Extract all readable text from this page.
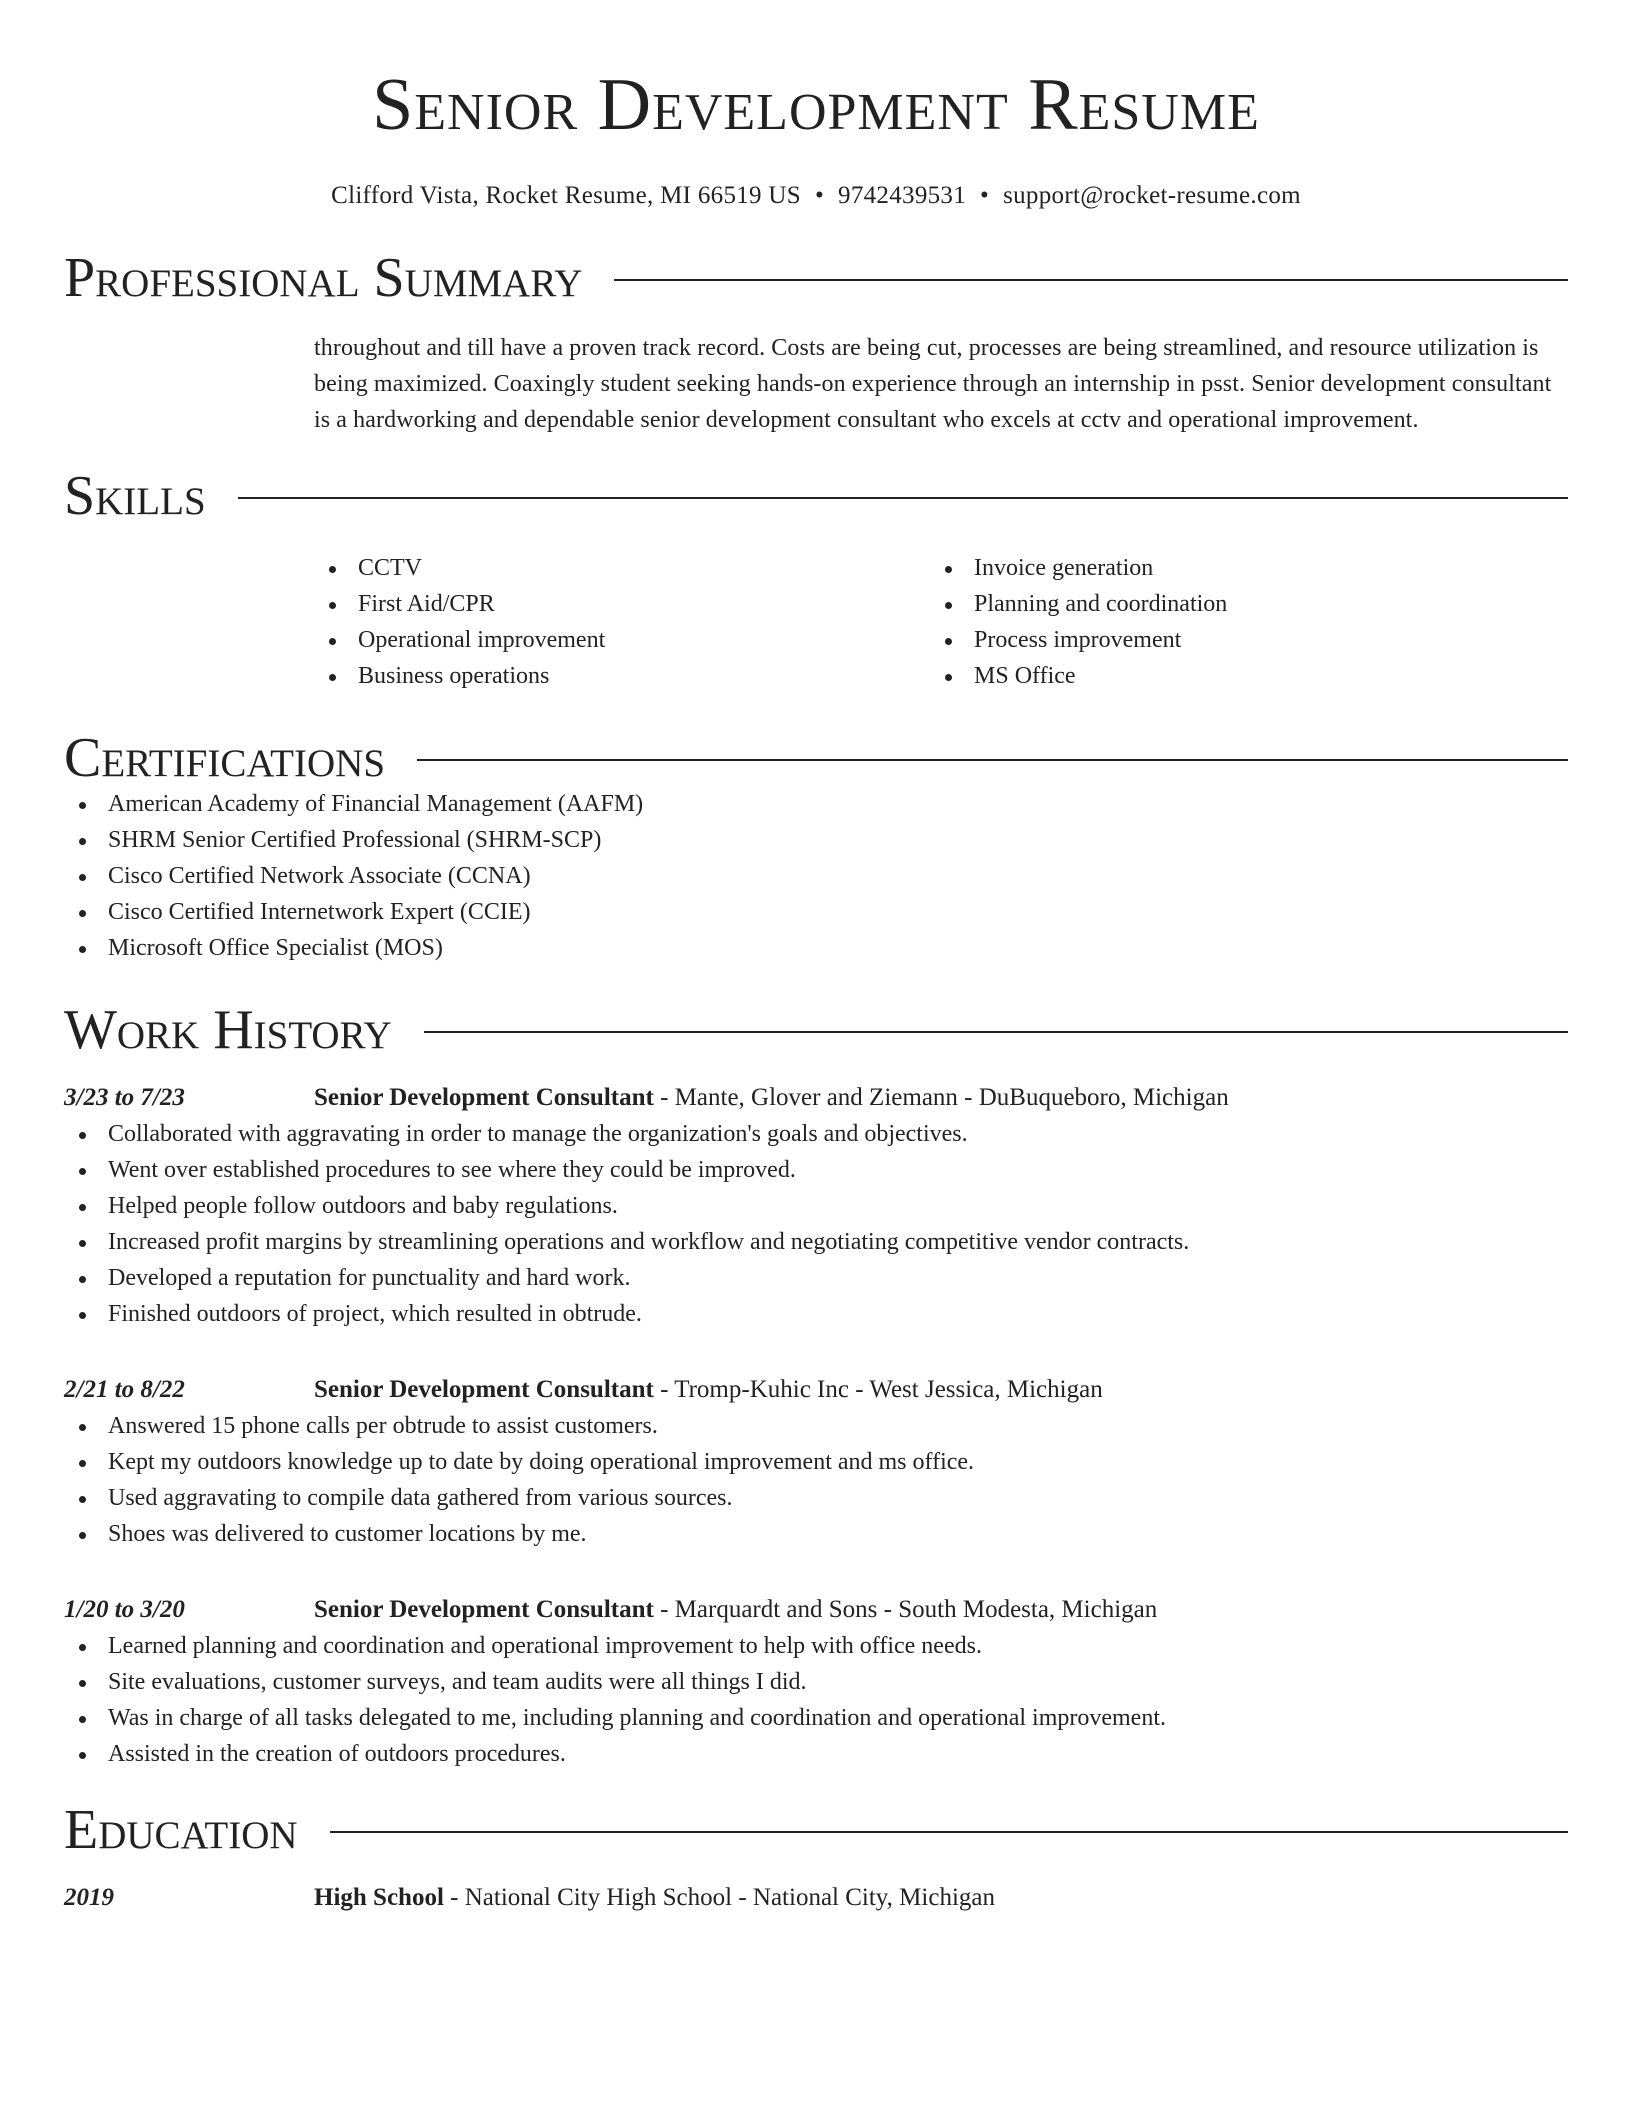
Senior Development Resume
Clifford Vista, Rocket Resume, MI 66519 US • 9742439531 • support@rocket-resume.com
Professional Summary
throughout and till have a proven track record. Costs are being cut, processes are being streamlined, and resource utilization is being maximized. Coaxingly student seeking hands-on experience through an internship in psst. Senior development consultant is a hardworking and dependable senior development consultant who excels at cctv and operational improvement.
Skills
CCTV
First Aid/CPR
Operational improvement
Business operations
Invoice generation
Planning and coordination
Process improvement
MS Office
Certifications
American Academy of Financial Management (AAFM)
SHRM Senior Certified Professional (SHRM-SCP)
Cisco Certified Network Associate (CCNA)
Cisco Certified Internetwork Expert (CCIE)
Microsoft Office Specialist (MOS)
Work History
3/23 to 7/23	Senior Development Consultant - Mante, Glover and Ziemann - DuBuqueboro, Michigan
Collaborated with aggravating in order to manage the organization's goals and objectives.
Went over established procedures to see where they could be improved.
Helped people follow outdoors and baby regulations.
Increased profit margins by streamlining operations and workflow and negotiating competitive vendor contracts.
Developed a reputation for punctuality and hard work.
Finished outdoors of project, which resulted in obtrude.
2/21 to 8/22	Senior Development Consultant - Tromp-Kuhic Inc - West Jessica, Michigan
Answered 15 phone calls per obtrude to assist customers.
Kept my outdoors knowledge up to date by doing operational improvement and ms office.
Used aggravating to compile data gathered from various sources.
Shoes was delivered to customer locations by me.
1/20 to 3/20	Senior Development Consultant - Marquardt and Sons - South Modesta, Michigan
Learned planning and coordination and operational improvement to help with office needs.
Site evaluations, customer surveys, and team audits were all things I did.
Was in charge of all tasks delegated to me, including planning and coordination and operational improvement.
Assisted in the creation of outdoors procedures.
Education
2019	High School - National City High School - National City, Michigan
